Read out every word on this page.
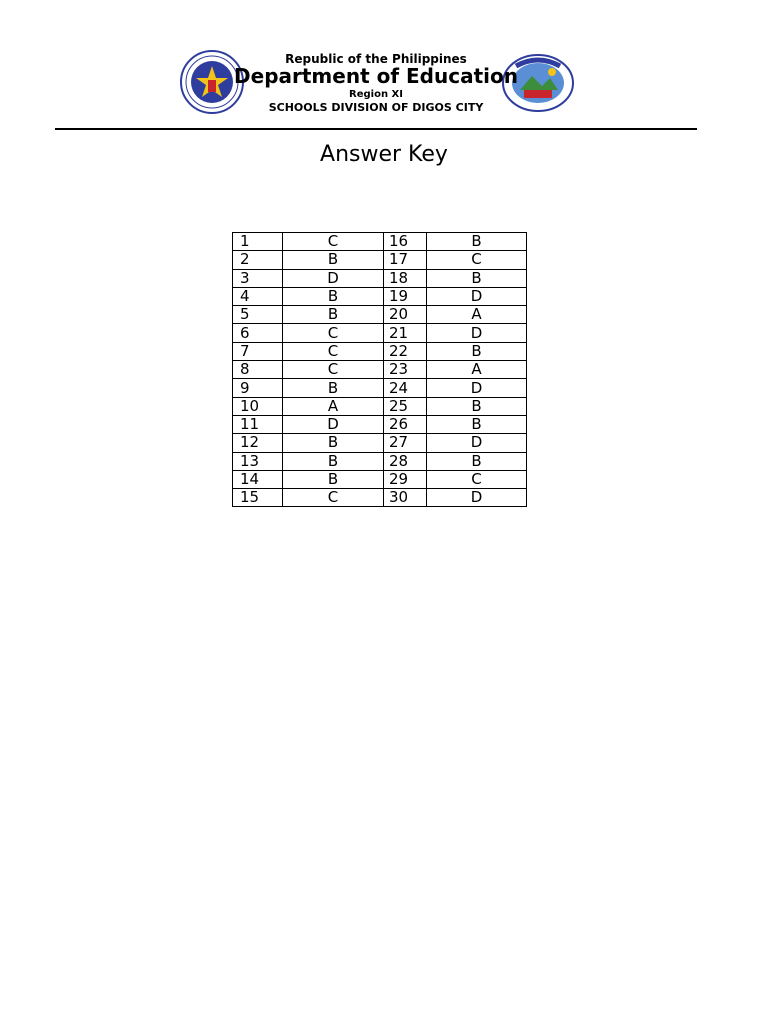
Republic of the Philippines
Department of Education
Region XI
SCHOOLS DIVISION OF DIGOS CITY
Answer Key
1	C	16	B
2	B	17	C
3	D	18	B
4	B	19	D
5	B	20	A
6	C	21	D
7	C	22	B
8	C	23	A
9	B	24	D
10	A	25	B
11	D	26	B
12	B	27	D
13	B	28	B
14	B	29	C
15	C	30	D
